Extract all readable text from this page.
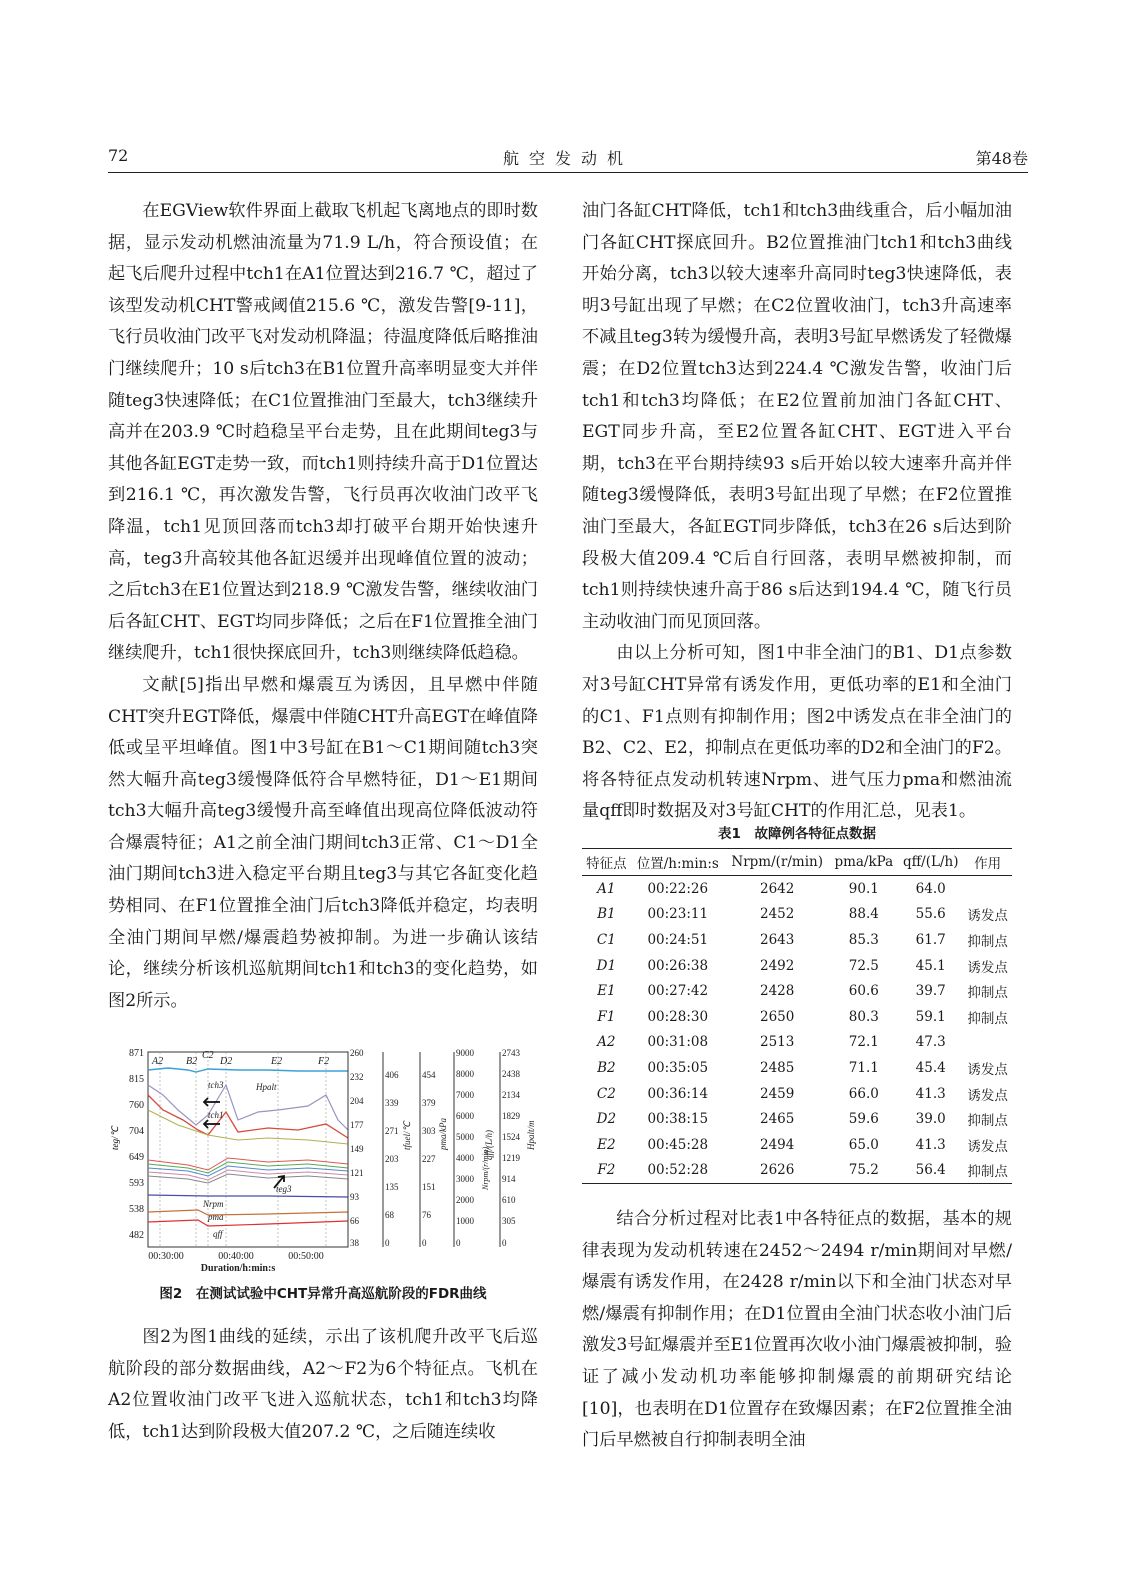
72	航空发动机	第48卷

在EGView软件界面上截取飞机起飞离地点的即时数据，显示发动机燃油流量为71.9 L/h，符合预设值；在起飞后爬升过程中tch1在A1位置达到216.7 ℃，超过了该型发动机CHT警戒阈值215.6 ℃，激发告警[9-11]，飞行员收油门改平飞对发动机降温；待温度降低后略推油门继续爬升；10 s后tch3在B1位置升高率明显变大并伴随teg3快速降低；在C1位置推油门至最大，tch3继续升高并在203.9 ℃时趋稳呈平台走势，且在此期间teg3与其他各缸EGT走势一致，而tch1则持续升高于D1位置达到216.1 ℃，再次激发告警，飞行员再次收油门改平飞降温，tch1见顶回落而tch3却打破平台期开始快速升高，teg3升高较其他各缸迟缓并出现峰值位置的波动；之后tch3在E1位置达到218.9 ℃激发告警，继续收油门后各缸CHT、EGT均同步降低；之后在F1位置推全油门继续爬升，tch1很快探底回升，tch3则继续降低趋稳。

文献[5]指出早燃和爆震互为诱因，且早燃中伴随CHT突升EGT降低，爆震中伴随CHT升高EGT在峰值降低或呈平坦峰值。图1中3号缸在B1～C1期间随tch3突然大幅升高teg3缓慢降低符合早燃特征，D1～E1期间tch3大幅升高teg3缓慢升高至峰值出现高位降低波动符合爆震特征；A1之前全油门期间tch3正常、C1～D1全油门期间tch3进入稳定平台期且teg3与其它各缸变化趋势相同、在F1位置推全油门后tch3降低并稳定，均表明全油门期间早燃/爆震趋势被抑制。为进一步确认该结论，继续分析该机巡航期间tch1和tch3的变化趋势，如图2所示。

A2 B2
C2
D2	E2	F2
tch3
tch1
Hpalt
teg3
Nrpm
pma
qff
871
815
760
704
649
593
538
482
teg/℃
260
232
204
177
149
121
93
66
38
406
339
271
203
135
68
0
tfuel/℃
454
379
303
227
151
76
0
pma/kPa
9000
8000
7000
6000
5000
4000
3000
2000
1000
0
qff/(L/h)
2743
2438
2134
1829
1524
1219
914
610
305
0
Nrpm/(r/min)
Hpalt/m
00:30:00	00:40:00	00:50:00
Duration/h:min:s
图2　在测试试验中CHT异常升高巡航阶段的FDR曲线

图2为图1曲线的延续，示出了该机爬升改平飞后巡航阶段的部分数据曲线，A2～F2为6个特征点。飞机在A2位置收油门改平飞进入巡航状态，tch1和tch3均降低，tch1达到阶段极大值207.2 ℃，之后随连续收

油门各缸CHT降低，tch1和tch3曲线重合，后小幅加油门各缸CHT探底回升。B2位置推油门tch1和tch3曲线开始分离，tch3以较大速率升高同时teg3快速降低，表明3号缸出现了早燃；在C2位置收油门，tch3升高速率不减且teg3转为缓慢升高，表明3号缸早燃诱发了轻微爆震；在D2位置tch3达到224.4 ℃激发告警，收油门后tch1和tch3均降低；在E2位置前加油门各缸CHT、EGT同步升高，至E2位置各缸CHT、EGT进入平台期，tch3在平台期持续93 s后开始以较大速率升高并伴随teg3缓慢降低，表明3号缸出现了早燃；在F2位置推油门至最大，各缸EGT同步降低，tch3在26 s后达到阶段极大值209.4 ℃后自行回落，表明早燃被抑制，而tch1则持续快速升高于86 s后达到194.4 ℃，随飞行员主动收油门而见顶回落。

由以上分析可知，图1中非全油门的B1、D1点参数对3号缸CHT异常有诱发作用，更低功率的E1和全油门的C1、F1点则有抑制作用；图2中诱发点在非全油门的B2、C2、E2，抑制点在更低功率的D2和全油门的F2。将各特征点发动机转速Nrpm、进气压力pma和燃油流量qff即时数据及对3号缸CHT的作用汇总，见表1。

表1　故障例各特征点数据
特征点	位置/h:min:s	Nrpm/(r/min)	pma/kPa	qff/(L/h)	作用
A1	00:22:26	2642	90.1	64.0	
B1	00:23:11	2452	88.4	55.6	诱发点
C1	00:24:51	2643	85.3	61.7	抑制点
D1	00:26:38	2492	72.5	45.1	诱发点
E1	00:27:42	2428	60.6	39.7	抑制点
F1	00:28:30	2650	80.3	59.1	抑制点
A2	00:31:08	2513	72.1	47.3	
B2	00:35:05	2485	71.1	45.4	诱发点
C2	00:36:14	2459	66.0	41.3	诱发点
D2	00:38:15	2465	59.6	39.0	抑制点
E2	00:45:28	2494	65.0	41.3	诱发点
F2	00:52:28	2626	75.2	56.4	抑制点

结合分析过程对比表1中各特征点的数据，基本的规律表现为发动机转速在2452～2494 r/min期间对早燃/爆震有诱发作用，在2428 r/min以下和全油门状态对早燃/爆震有抑制作用；在D1位置由全油门状态收小油门后激发3号缸爆震并至E1位置再次收小油门爆震被抑制，验证了减小发动机功率能够抑制爆震的前期研究结论[10]，也表明在D1位置存在致爆因素；在F2位置推全油门后早燃被自行抑制表明全油
